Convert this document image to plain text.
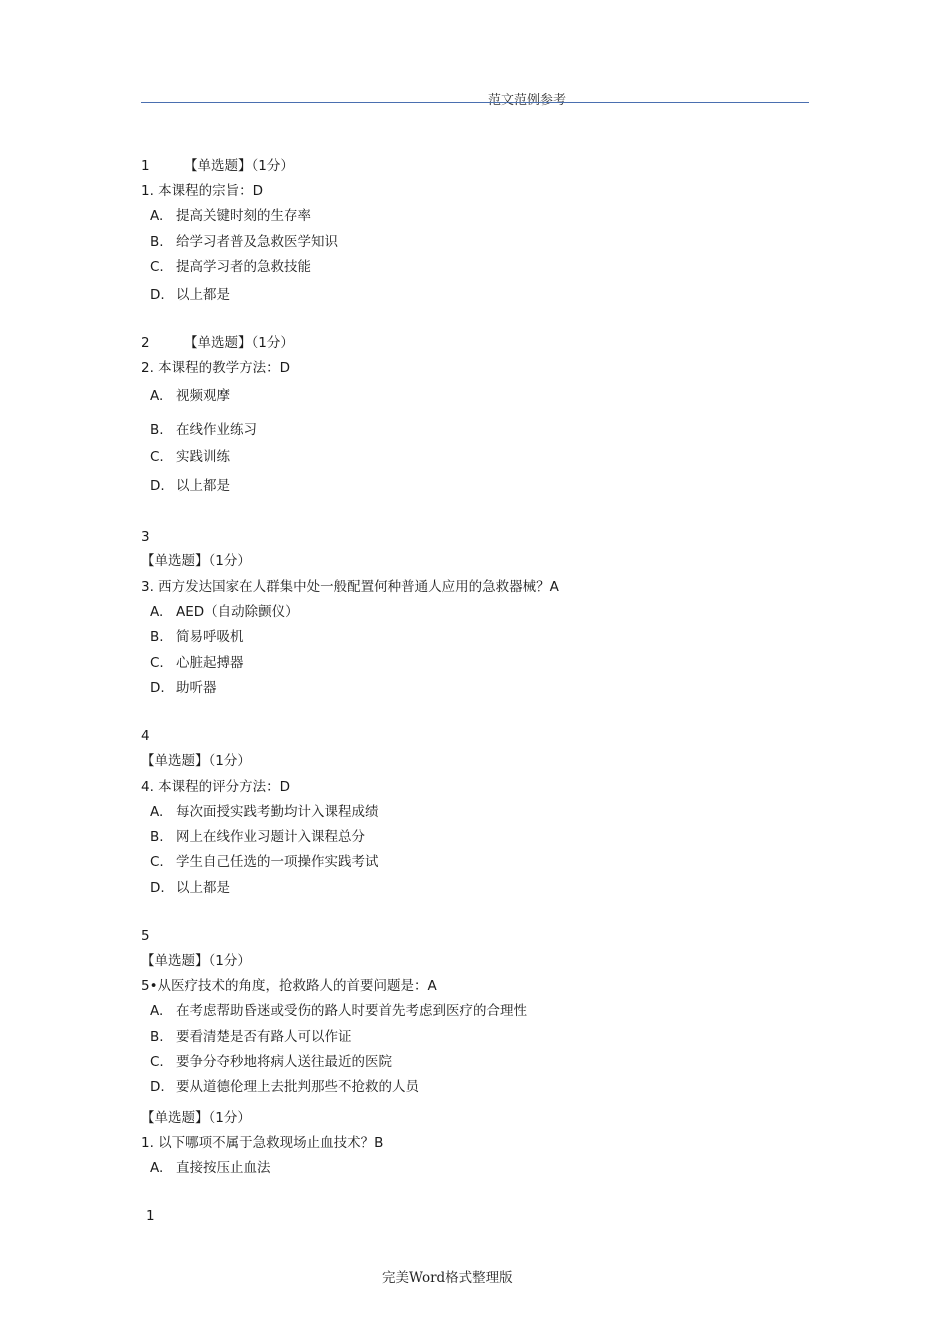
范文范例参考
1	【单选题】（1分）
1. 本课程的宗旨：D
A. 提高关键时刻的生存率
B. 给学习者普及急救医学知识
C. 提高学习者的急救技能
D. 以上都是
2	【单选题】（1分）
2. 本课程的教学方法：D
A. 视频观摩
B. 在线作业练习
C. 实践训练
D. 以上都是
3
【单选题】（1分）
3. 西方发达国家在人群集中处一般配置何种普通人应用的急救器械？A
A. AED（自动除颤仪）
B. 简易呼吸机
C. 心脏起搏器
D. 助听器
4
【单选题】（1分）
4. 本课程的评分方法：D
A. 每次面授实践考勤均计入课程成绩
B. 网上在线作业习题计入课程总分
C. 学生自己任选的一项操作实践考试
D. 以上都是
5
【单选题】（1分）
5•从医疗技术的角度，抢救路人的首要问题是：A
A. 在考虑帮助昏迷或受伤的路人时要首先考虑到医疗的合理性
B. 要看清楚是否有路人可以作证
C. 要争分夺秒地将病人送往最近的医院
D. 要从道德伦理上去批判那些不抢救的人员
【单选题】（1分）
1. 以下哪项不属于急救现场止血技术？B
A. 直接按压止血法
1
完美Word格式整理版
